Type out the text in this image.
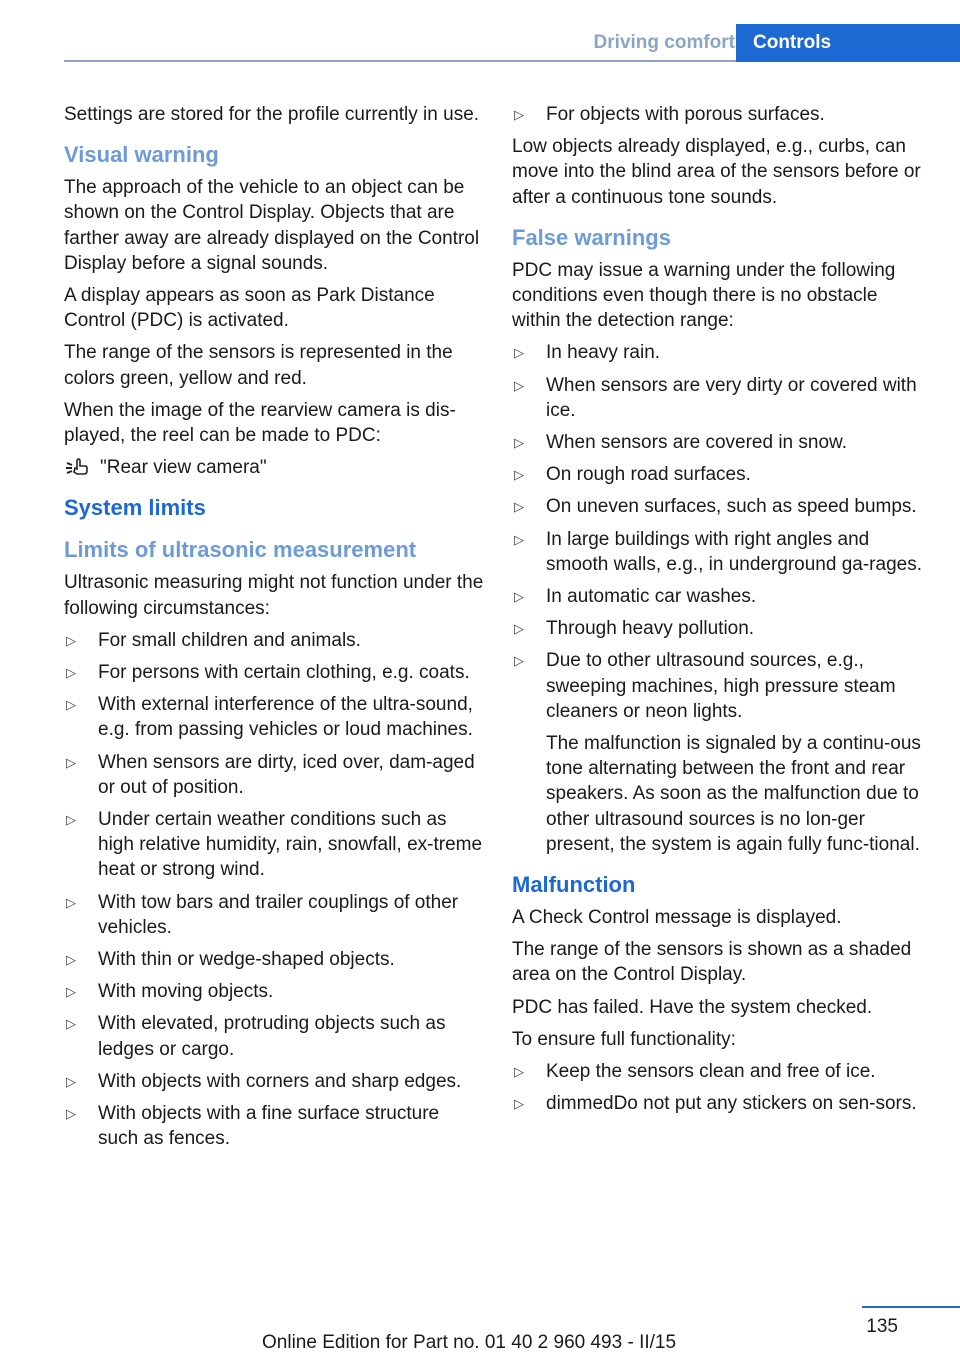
Driving comfort Controls

Settings are stored for the profile currently in use.

Visual warning

The approach of the vehicle to an object can be shown on the Control Display. Objects that are farther away are already displayed on the Control Display before a signal sounds.

A display appears as soon as Park Distance Control (PDC) is activated.

The range of the sensors is represented in the colors green, yellow and red.

When the image of the rearview camera is dis-played, the reel can be made to PDC:

"Rear view camera"
System limits
Limits of ultrasonic measurement

Ultrasonic measuring might not function under the following circumstances:

▷ For small children and animals.
▷ For persons with certain clothing, e.g. coats.
▷ With external interference of the ultra-sound, e.g. from passing vehicles or loud machines.
▷ When sensors are dirty, iced over, dam-aged or out of position.
▷ Under certain weather conditions such as high relative humidity, rain, snowfall, ex-treme heat or strong wind.
▷ With tow bars and trailer couplings of other vehicles.
▷ With thin or wedge-shaped objects.
▷ With moving objects.
▷ With elevated, protruding objects such as ledges or cargo.
▷ With objects with corners and sharp edges.
▷ With objects with a fine surface structure such as fences.
▷ For objects with porous surfaces.

Low objects already displayed, e.g., curbs, can move into the blind area of the sensors before or after a continuous tone sounds.

False warnings

PDC may issue a warning under the following conditions even though there is no obstacle within the detection range:

▷ In heavy rain.
▷ When sensors are very dirty or covered with ice.
▷ When sensors are covered in snow.
▷ On rough road surfaces.
▷ On uneven surfaces, such as speed bumps.
▷ In large buildings with right angles and smooth walls, e.g., in underground ga-rages.
▷ In automatic car washes.
▷ Through heavy pollution.
▷ Due to other ultrasound sources, e.g., sweeping machines, high pressure steam cleaners or neon lights.

The malfunction is signaled by a continu-ous tone alternating between the front and rear speakers. As soon as the malfunction due to other ultrasound sources is no lon-ger present, the system is again fully func-tional.

Malfunction

A Check Control message is displayed.

The range of the sensors is shown as a shaded area on the Control Display.

PDC has failed. Have the system checked.

To ensure full functionality:

▷ Keep the sensors clean and free of ice.
▷ dimmedDo not put any stickers on sen-sors.
135
Online Edition for Part no. 01 40 2 960 493 - II/15
